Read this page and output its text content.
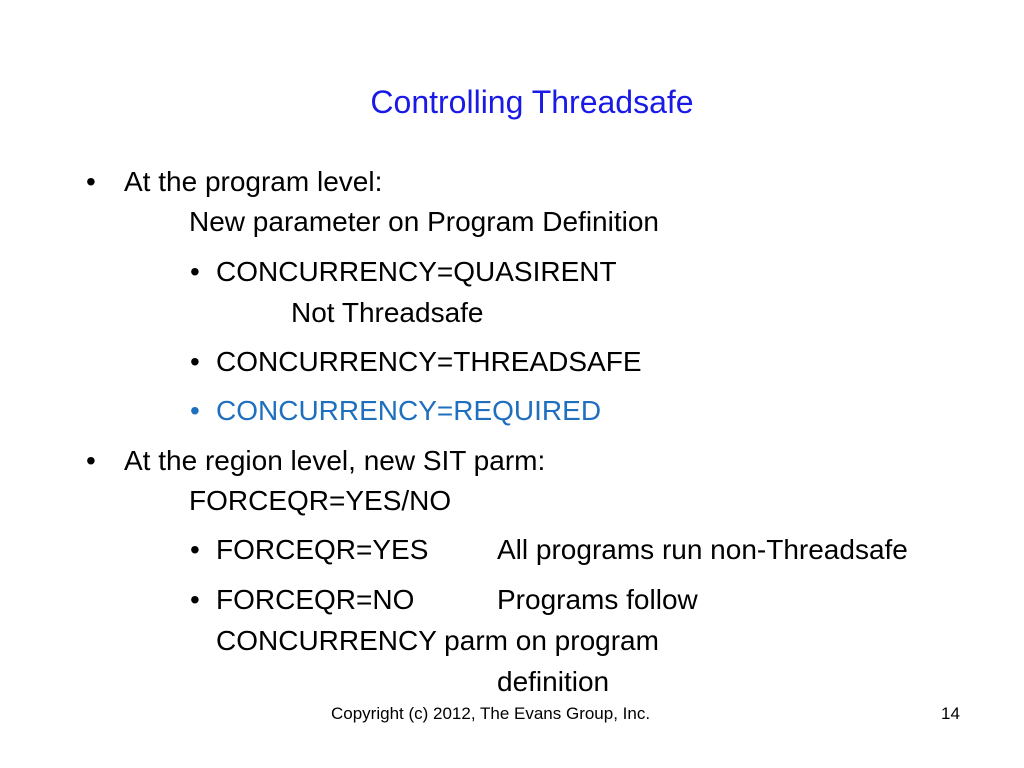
Controlling Threadsafe
• At the program level:
New parameter on Program Definition
• CONCURRENCY=QUASIRENT
Not Threadsafe
• CONCURRENCY=THREADSAFE
• CONCURRENCY=REQUIRED
• At the region level, new SIT parm:
FORCEQR=YES/NO
• FORCEQR=YES All programs run non-Threadsafe
• FORCEQR=NO	Programs follow
CONCURRENCY parm on program
definition
Copyright (c) 2012, The Evans Group, Inc.	14
